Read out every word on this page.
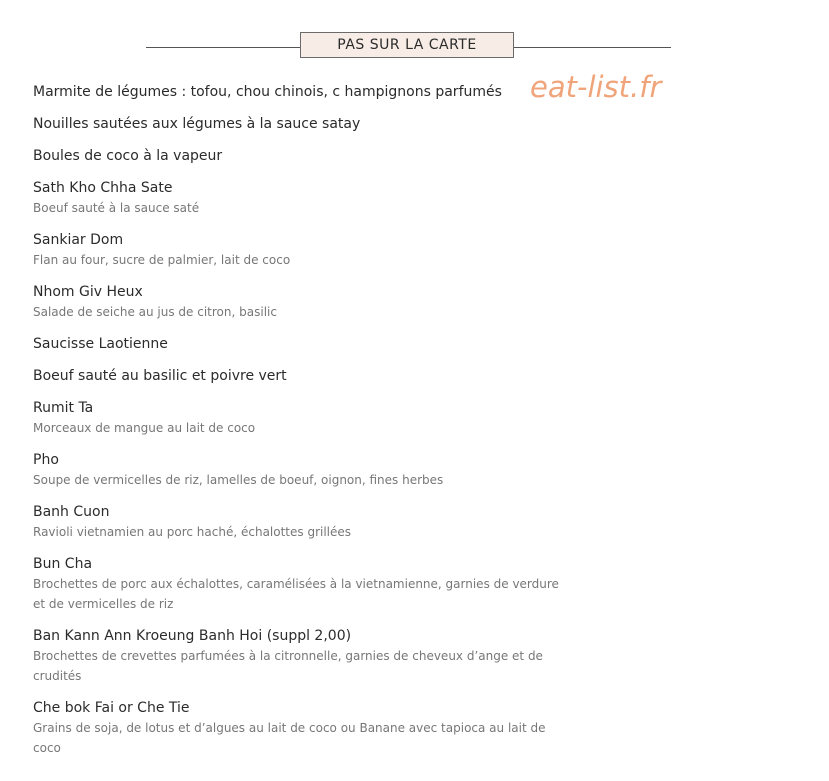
PAS SUR LA CARTE
eat-list.fr
Marmite de légumes : tofou, chou chinois, c hampignons parfumés
Nouilles sautées aux légumes à la sauce satay
Boules de coco à la vapeur
Sath Kho Chha Sate
Boeuf sauté à la sauce saté
Sankiar Dom
Flan au four, sucre de palmier, lait de coco
Nhom Giv Heux
Salade de seiche au jus de citron, basilic
Saucisse Laotienne
Boeuf sauté au basilic et poivre vert
Rumit Ta
Morceaux de mangue au lait de coco
Pho
Soupe de vermicelles de riz, lamelles de boeuf, oignon, fines herbes
Banh Cuon
Ravioli vietnamien au porc haché, échalottes grillées
Bun Cha
Brochettes de porc aux échalottes, caramélisées à la vietnamienne, garnies de verdure et de vermicelles de riz
Ban Kann Ann Kroeung Banh Hoi (suppl 2,00)
Brochettes de crevettes parfumées à la citronnelle, garnies de cheveux d’ange et de crudités
Che bok Fai or Che Tie
Grains de soja, de lotus et d’algues au lait de coco ou Banane avec tapioca au lait de coco
